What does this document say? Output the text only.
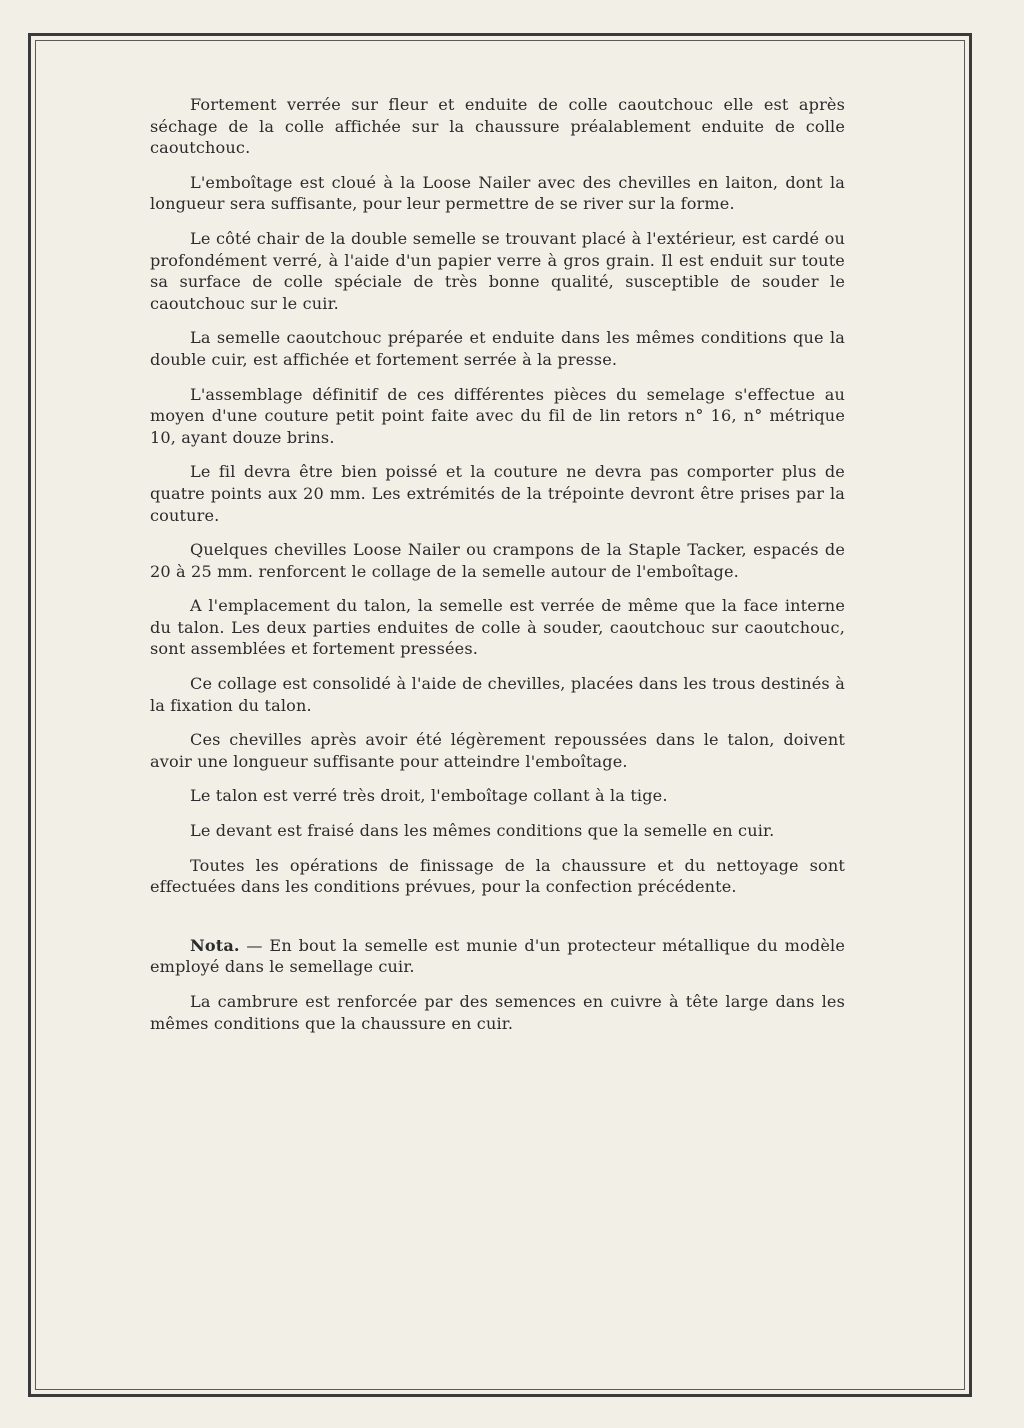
Fortement verrée sur fleur et enduite de colle caoutchouc elle est après séchage de la colle affichée sur la chaussure préalablement enduite de colle caoutchouc.

L'emboîtage est cloué à la Loose Nailer avec des chevilles en laiton, dont la longueur sera suffisante, pour leur permettre de se river sur la forme.

Le côté chair de la double semelle se trouvant placé à l'extérieur, est cardé ou profondément verré, à l'aide d'un papier verre à gros grain. Il est enduit sur toute sa surface de colle spéciale de très bonne qualité, susceptible de souder le caoutchouc sur le cuir.

La semelle caoutchouc préparée et enduite dans les mêmes conditions que la double cuir, est affichée et fortement serrée à la presse.

L'assemblage définitif de ces différentes pièces du semelage s'effectue au moyen d'une couture petit point faite avec du fil de lin retors n° 16, n° métrique 10, ayant douze brins.

Le fil devra être bien poissé et la couture ne devra pas comporter plus de quatre points aux 20 mm. Les extrémités de la trépointe devront être prises par la couture.

Quelques chevilles Loose Nailer ou crampons de la Staple Tacker, espacés de 20 à 25 mm. renforcent le collage de la semelle autour de l'emboîtage.

A l'emplacement du talon, la semelle est verrée de même que la face interne du talon. Les deux parties enduites de colle à souder, caoutchouc sur caoutchouc, sont assemblées et fortement pressées.

Ce collage est consolidé à l'aide de chevilles, placées dans les trous destinés à la fixation du talon.

Ces chevilles après avoir été légèrement repoussées dans le talon, doivent avoir une longueur suffisante pour atteindre l'emboîtage.

Le talon est verré très droit, l'emboîtage collant à la tige.

Le devant est fraisé dans les mêmes conditions que la semelle en cuir.

Toutes les opérations de finissage de la chaussure et du nettoyage sont effectuées dans les conditions prévues, pour la confection précédente.

Nota. — En bout la semelle est munie d'un protecteur métallique du modèle employé dans le semellage cuir.

La cambrure est renforcée par des semences en cuivre à tête large dans les mêmes conditions que la chaussure en cuir.
